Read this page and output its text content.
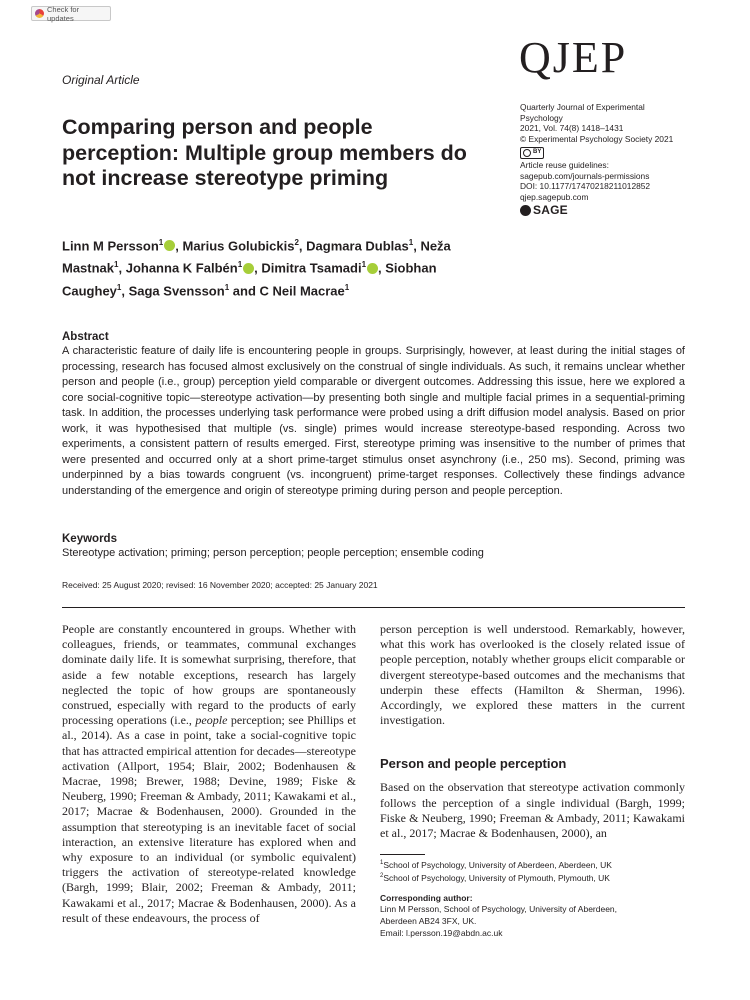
Check for updates
Original Article	QJEP
Quarterly Journal of Experimental
Psychology
2021, Vol. 74(8) 1418–1431
© Experimental Psychology Society 2021
BY
Article reuse guidelines:
sagepub.com/journals-permissions
DOI: 10.1177/17470218211012852
qjep.sagepub.com
SAGE
Comparing person and people perception: Multiple group members do not increase stereotype priming
Linn M Persson$^1$ , Marius Golubickis$^2$, Dagmara Dublas$^1$, Neža Mastnak$^1$, Johanna K Falbén$^1$ , Dimitra Tsamadi$^1$ , Siobhan Caughey$^1$, Saga Svensson$^1$ and C Neil Macrae$^1$
Abstract

A characteristic feature of daily life is encountering people in groups. Surprisingly, however, at least during the initial stages of processing, research has focused almost exclusively on the construal of single individuals. As such, it remains unclear whether person and people (i.e., group) perception yield comparable or divergent outcomes. Addressing this issue, here we explored a core social-cognitive topic—stereotype activation—by presenting both single and multiple facial primes in a sequential-priming task. In addition, the processes underlying task performance were probed using a drift diffusion model analysis. Based on prior work, it was hypothesised that multiple (vs. single) primes would increase stereotype-based responding. Across two experiments, a consistent pattern of results emerged. First, stereotype priming was insensitive to the number of primes that were presented and occurred only at a short prime-target stimulus onset asynchrony (i.e., 250 ms). Second, priming was underpinned by a bias towards congruent (vs. incongruent) prime-target responses. Collectively these findings advance understanding of the emergence and origin of stereotype priming during person and people perception.

Keywords

Stereotype activation; priming; person perception; people perception; ensemble coding

Received: 25 August 2020; revised: 16 November 2020; accepted: 25 January 2021

People are constantly encountered in groups. Whether with colleagues, friends, or teammates, communal exchanges dominate daily life. It is somewhat surprising, therefore, that aside a few notable exceptions, research has largely neglected the topic of how groups are spontaneously construed, especially with regard to the products of early processing operations (i.e., people perception; see Phillips et al., 2014). As a case in point, take a social-cognitive topic that has attracted empirical attention for decades—stereotype activation (Allport, 1954; Blair, 2002; Bodenhausen & Macrae, 1998; Brewer, 1988; Devine, 1989; Fiske & Neuberg, 1990; Freeman & Ambady, 2011; Kawakami et al., 2017; Macrae & Bodenhausen, 2000). Grounded in the assumption that stereotyping is an inevitable facet of social interaction, an extensive literature has explored when and why exposure to an individual (or symbolic equivalent) triggers the activation of stereotype-related knowledge (Bargh, 1999; Blair, 2002; Freeman & Ambady, 2011; Kawakami et al., 2017; Macrae & Bodenhausen, 2000). As a result of these endeavours, the process of

person perception is well understood. Remarkably, however, what this work has overlooked is the closely related issue of people perception, notably whether groups elicit comparable or divergent stereotype-based outcomes and the mechanisms that underpin these effects (Hamilton & Sherman, 1996). Accordingly, we explored these matters in the current investigation.

Person and people perception

Based on the observation that stereotype activation commonly follows the perception of a single individual (Bargh, 1999; Fiske & Neuberg, 1990; Freeman & Ambady, 2011; Kawakami et al., 2017; Macrae & Bodenhausen, 2000), an

$^1$School of Psychology, University of Aberdeen, Aberdeen, UK
$^2$School of Psychology, University of Plymouth, Plymouth, UK
Corresponding author:
Linn M Persson, School of Psychology, University of Aberdeen,
Aberdeen AB24 3FX, UK.
Email: l.persson.19@abdn.ac.uk
